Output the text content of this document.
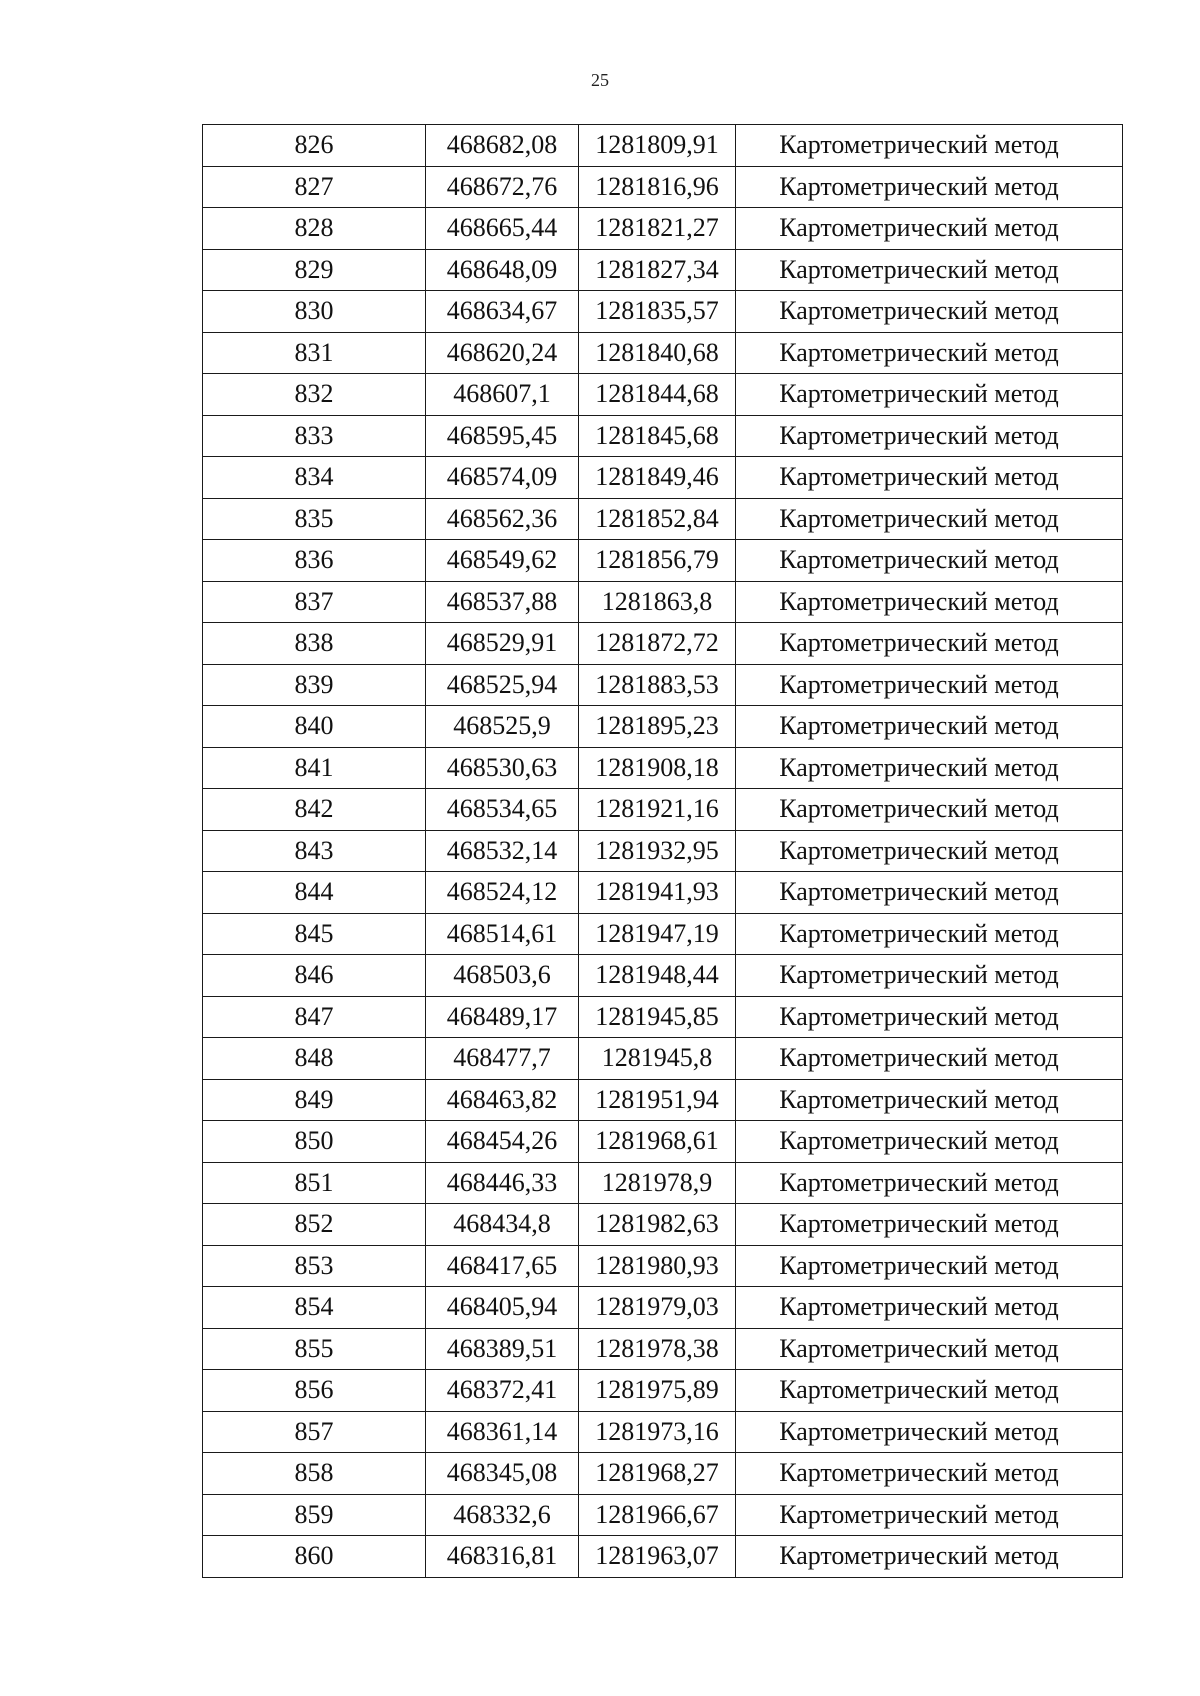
25
826	468682,08	1281809,91	Картометрический метод
827	468672,76	1281816,96	Картометрический метод
828	468665,44	1281821,27	Картометрический метод
829	468648,09	1281827,34	Картометрический метод
830	468634,67	1281835,57	Картометрический метод
831	468620,24	1281840,68	Картометрический метод
832	468607,1	1281844,68	Картометрический метод
833	468595,45	1281845,68	Картометрический метод
834	468574,09	1281849,46	Картометрический метод
835	468562,36	1281852,84	Картометрический метод
836	468549,62	1281856,79	Картометрический метод
837	468537,88	1281863,8	Картометрический метод
838	468529,91	1281872,72	Картометрический метод
839	468525,94	1281883,53	Картометрический метод
840	468525,9	1281895,23	Картометрический метод
841	468530,63	1281908,18	Картометрический метод
842	468534,65	1281921,16	Картометрический метод
843	468532,14	1281932,95	Картометрический метод
844	468524,12	1281941,93	Картометрический метод
845	468514,61	1281947,19	Картометрический метод
846	468503,6	1281948,44	Картометрический метод
847	468489,17	1281945,85	Картометрический метод
848	468477,7	1281945,8	Картометрический метод
849	468463,82	1281951,94	Картометрический метод
850	468454,26	1281968,61	Картометрический метод
851	468446,33	1281978,9	Картометрический метод
852	468434,8	1281982,63	Картометрический метод
853	468417,65	1281980,93	Картометрический метод
854	468405,94	1281979,03	Картометрический метод
855	468389,51	1281978,38	Картометрический метод
856	468372,41	1281975,89	Картометрический метод
857	468361,14	1281973,16	Картометрический метод
858	468345,08	1281968,27	Картометрический метод
859	468332,6	1281966,67	Картометрический метод
860	468316,81	1281963,07	Картометрический метод
